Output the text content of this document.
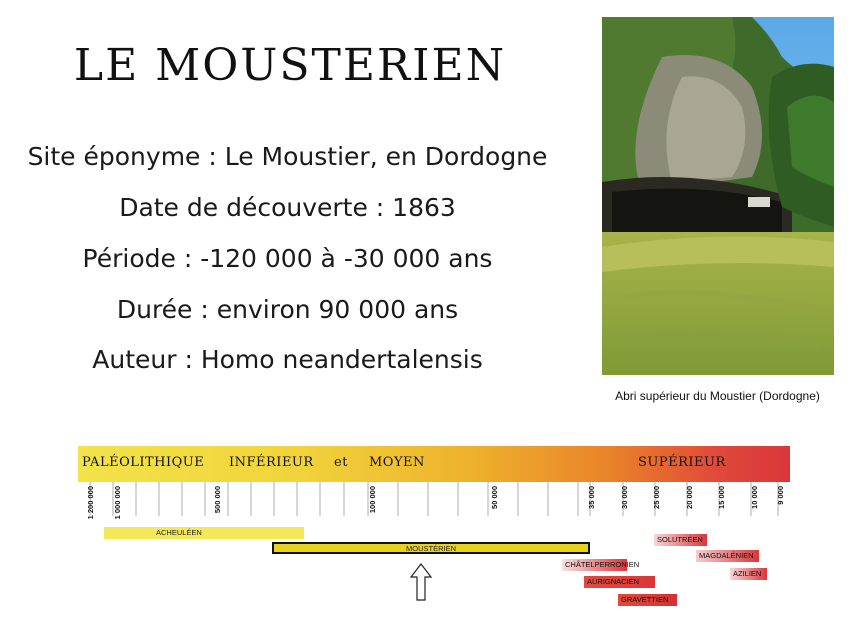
LE MOUSTERIEN
Site éponyme : Le Moustier, en Dordogne
Date de découverte : 1863
Période : -120 000 à -30 000 ans
Durée : environ 90 000 ans
Auteur : Homo neandertalensis
Abri supérieur du Moustier (Dordogne)
PALÉOLITHIQUE INFÉRIEUR et MOYEN	SUPÉRIEUR
1 200 000 1 000 000	500 000	100 000	50 000	35 000	30 000	25 000	20 000	15 000	10 000 9 000
ACHEULÉEN
MOUSTÉRIEN
CHÂTELPERRONIEN
AURIGNACIEN
GRAVETTIEN
SOLUTRÉEN
MAGDALÉNIEN
AZILIEN
